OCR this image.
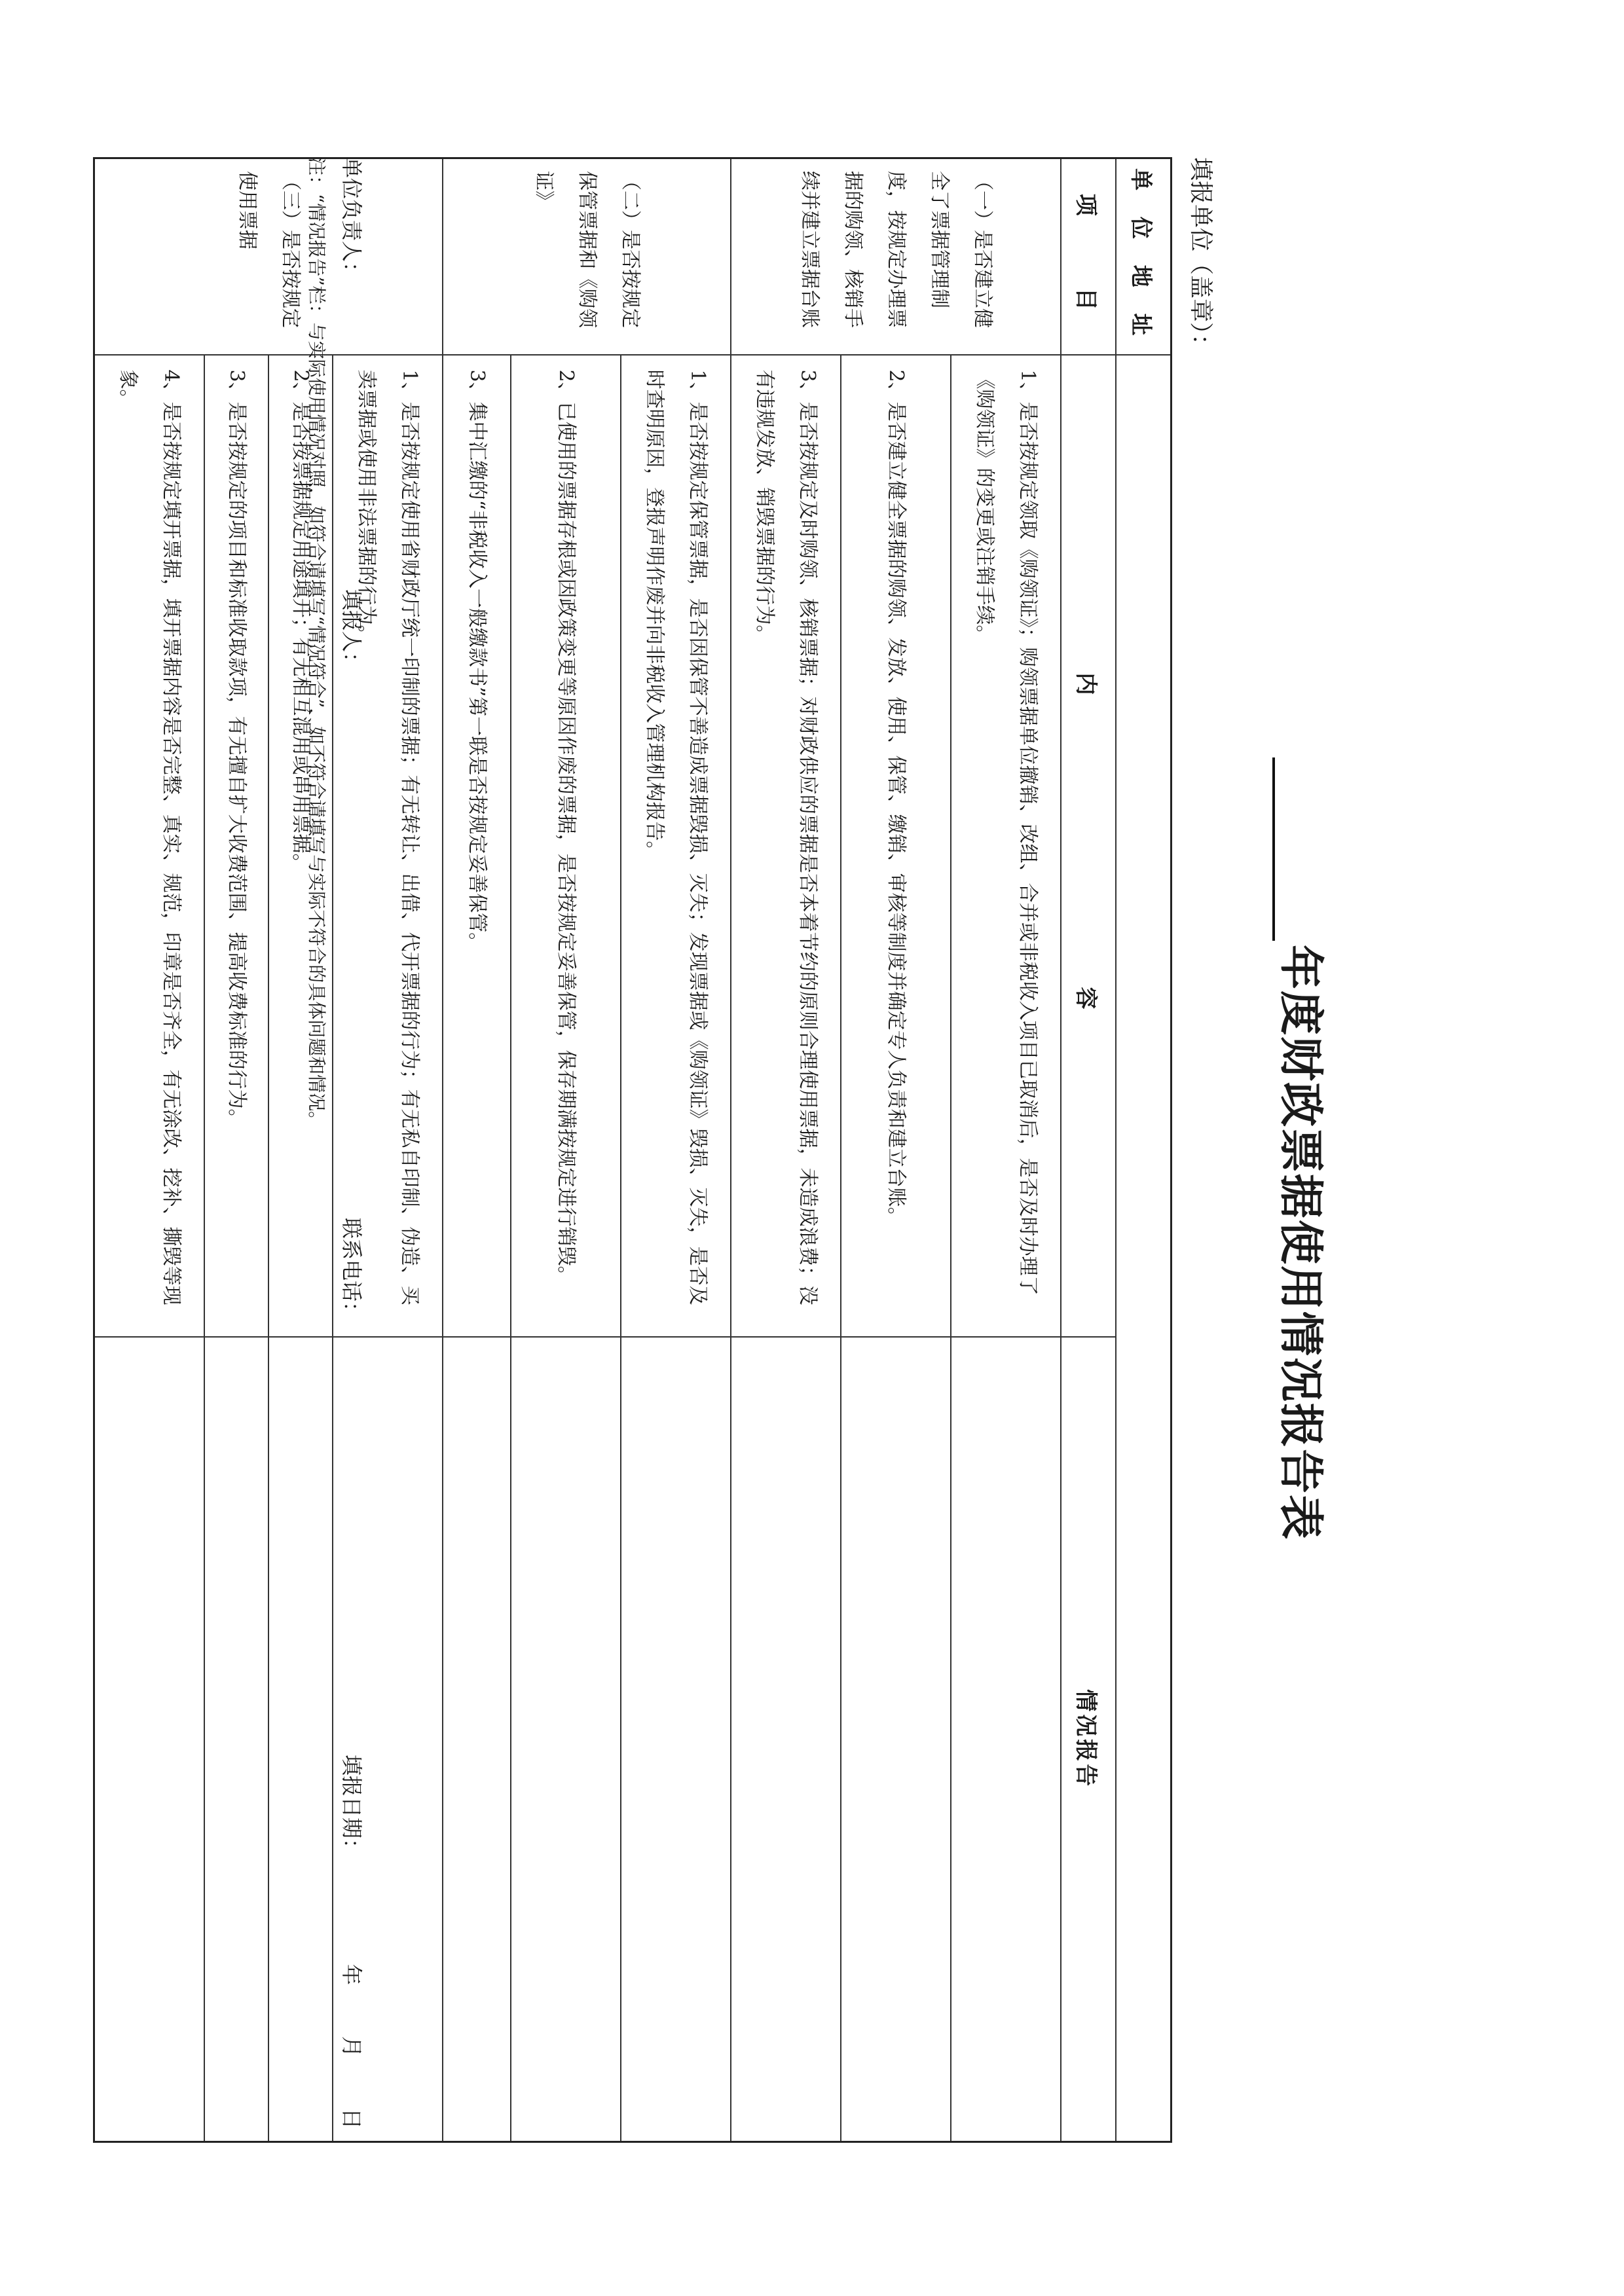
年度财政票据使用情况报告表
填报单位（盖章）：
单 位 地 址		
项　　目	内　　　　　　　　　容	情况报告
（一）是否建立健全了票据管理制度，按规定办理票据的购领、核销手续并建立票据台账	1、是否按规定领取《购领证》；购领票据单位撤销、改组、合并或非税收入项目已取消后，是否及时办理了《购领证》的变更或注销手续。	
	2、是否建立健全票据的购领、发放、使用、保管、缴销、审核等制度并确定专人负责和建立台账。	
	3、是否按规定及时购领、核销票据；对财政供应的票据是否本着节约的原则合理使用票据，未造成浪费；没有违规发放、销毁票据的行为。	
（二）是否按规定保管票据和《购领证》	1、是否按规定保管票据，是否因保管不善造成票据毁损、灭失；发现票据或《购领证》毁损、灭失，是否及时查明原因，登报声明作废并向非税收入管理机构报告。	
	2、已使用的票据存根或因政策变更等原因作废的票据，是否按规定妥善保管，保存期满按规定进行销毁。	
	3、集中汇缴的“非税收入一般缴款书”第一联是否按规定妥善保管。	
（三）是否按规定使用票据	1、是否按规定使用省财政厅统一印制的票据；有无转让、出借、代开票据的行为；有无私自印制、伪造、买卖票据或使用非法票据的行为。	
	2、是否按票据规定用途填开；有无相互混用或串用票据。	
	3、是否按规定的项目和标准收取款项，有无擅自扩大收费范围、提高收费标准的行为。	
	4、是否按规定填开票据，填开票据内容是否完整、真实、规范，印章是否齐全，有无涂改、挖补、撕毁等现象。	
单位负责人：
填报人：
联系电话：
填报日期：
年
月
日
注：“情况报告”栏：与实际使用情况对照，如符合请填写“情况符合”，如不符合请填写与实际不符合的具体问题和情况。
